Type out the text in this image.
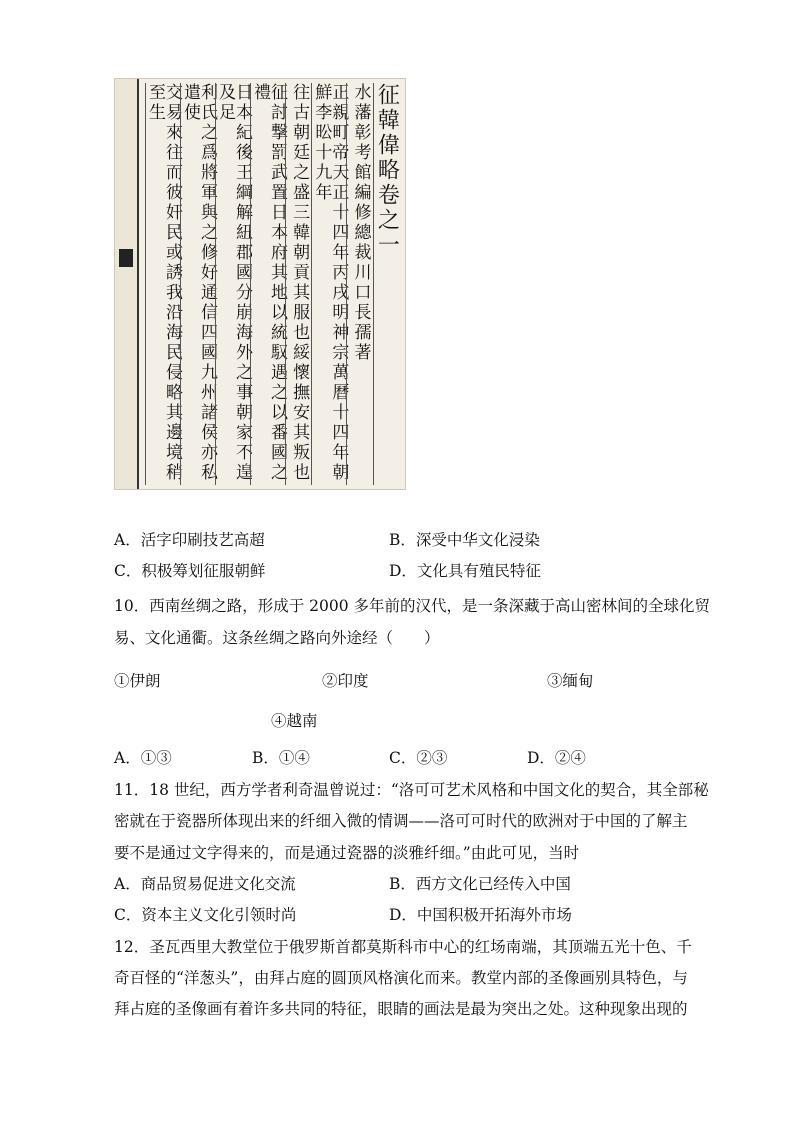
征韓偉略卷之一
水藩彰考館編修總裁川口長孺著
正親町帝天正十四年丙戌明神宗萬曆十四年朝鮮李昖十九年
往古朝廷之盛三韓朝貢其服也綏懷撫安其叛也
征討撃罰武置日本府其地以統馭遇之以番國之禮
日本紀後王綱解紐郡國分崩海外之事朝家不遑及足
利氏之爲將軍與之修好通信四國九州諸侯亦私遣使
交易來往而彼奸民或誘我沿海民侵略其邊境稍至生
A．活字印刷技艺高超	B．深受中华文化浸染
C．积极筹划征服朝鲜	D．文化具有殖民特征
10．西南丝绸之路，形成于 2000 多年前的汉代，是一条深藏于高山密林间的全球化贸
易、文化通衢。这条丝绸之路向外途经（　　）
①伊朗	②印度	③缅甸
④越南
A．①③	B．①④	C．②③	D．②④
11．18 世纪，西方学者利奇温曾说过：“洛可可艺术风格和中国文化的契合，其全部秘
密就在于瓷器所体现出来的纤细入微的情调——洛可可时代的欧洲对于中国的了解主
要不是通过文字得来的，而是通过瓷器的淡雅纤细。”由此可见，当时
A．商品贸易促进文化交流	B．西方文化已经传入中国
C．资本主义文化引领时尚	D．中国积极开拓海外市场
12．圣瓦西里大教堂位于俄罗斯首都莫斯科市中心的红场南端，其顶端五光十色、千
奇百怪的“洋葱头”，由拜占庭的圆顶风格演化而来。教堂内部的圣像画别具特色，与
拜占庭的圣像画有着许多共同的特征，眼睛的画法是最为突出之处。这种现象出现的
